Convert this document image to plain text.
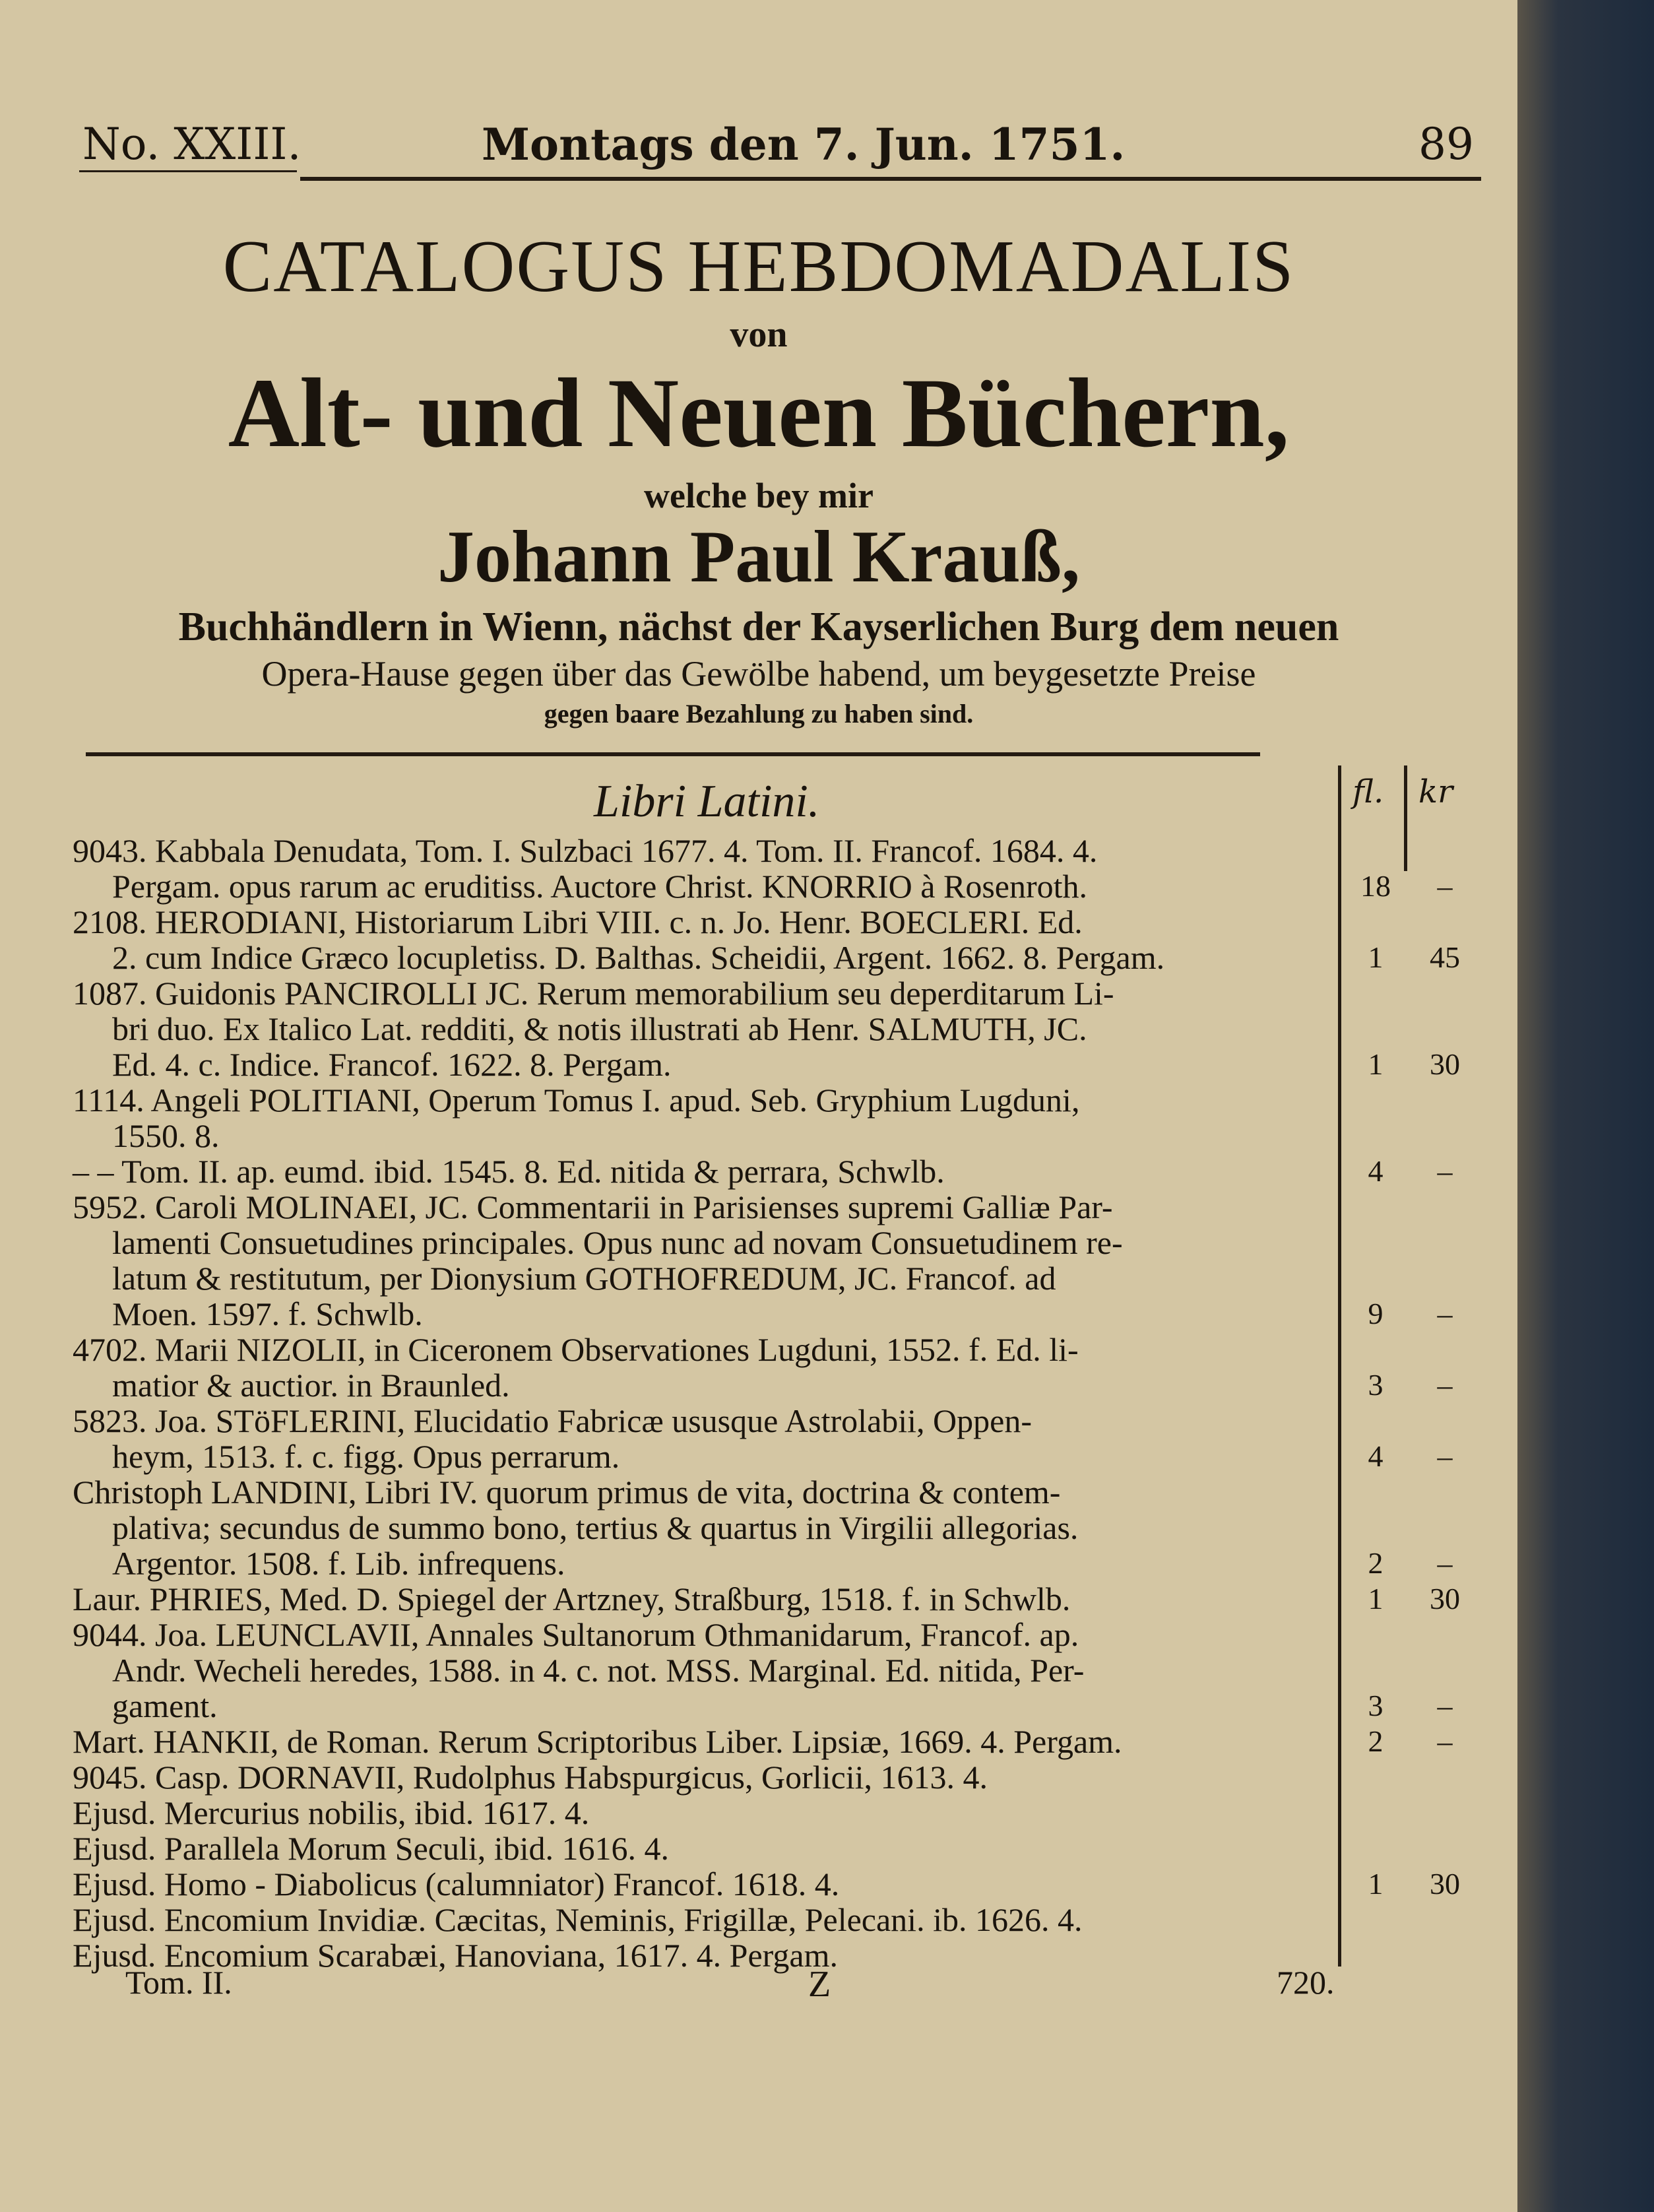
No. XXIII.	Montags den 7. Jun. 1751.	89
CATALOGUS HEBDOMADALIS
von
Alt- und Neuen Büchern,
welche bey mir
Johann Paul Krauß,
Buchhändlern in Wienn, nächst der Kayserlichen Burg dem neuen
Opera-Hause gegen über das Gewölbe habend, um beygesetzte Preise
gegen baare Bezahlung zu haben sind.
Libri Latini.	fl. kr
9043. Kabbala Denudata, Tom. I. Sulzbaci 1677. 4. Tom. II. Francof. 1684. 4.
Pergam. opus rarum ac eruditiss. Auctore Christ. KNORRIO à Rosenroth.	18	–
2108. HERODIANI, Historiarum Libri VIII. c. n. Jo. Henr. BOECLERI. Ed.
2. cum Indice Græco locupletiss. D. Balthas. Scheidii, Argent. 1662. 8. Pergam.	1	45
1087. Guidonis PANCIROLLI JC. Rerum memorabilium seu deperditarum Li-
bri duo. Ex Italico Lat. redditi, & notis illustrati ab Henr. SALMUTH, JC.
Ed. 4. c. Indice. Francof. 1622. 8. Pergam.	1	30
1114. Angeli POLITIANI, Operum Tomus I. apud. Seb. Gryphium Lugduni,
1550. 8.
– – Tom. II. ap. eumd. ibid. 1545. 8. Ed. nitida & perrara, Schwlb.	4	–
5952. Caroli MOLINAEI, JC. Commentarii in Parisienses supremi Galliæ Par-
lamenti Consuetudines principales. Opus nunc ad novam Consuetudinem re-
latum & restitutum, per Dionysium GOTHOFREDUM, JC. Francof. ad
Moen. 1597. f. Schwlb.	9	–
4702. Marii NIZOLII, in Ciceronem Observationes Lugduni, 1552. f. Ed. li-
matior & auctior. in Braunled.	3	–
5823. Joa. STöFLERINI, Elucidatio Fabricæ ususque Astrolabii, Oppen-
heym, 1513. f. c. figg. Opus perrarum.	4	–
Christoph LANDINI, Libri IV. quorum primus de vita, doctrina & contem-
plativa; secundus de summo bono, tertius & quartus in Virgilii allegorias.
Argentor. 1508. f. Lib. infrequens.	2	–
Laur. PHRIES, Med. D. Spiegel der Artzney, Straßburg, 1518. f. in Schwlb.	1	30
9044. Joa. LEUNCLAVII, Annales Sultanorum Othmanidarum, Francof. ap.
Andr. Wecheli heredes, 1588. in 4. c. not. MSS. Marginal. Ed. nitida, Per-
gament.	3	–
Mart. HANKII, de Roman. Rerum Scriptoribus Liber. Lipsiæ, 1669. 4. Pergam.	2	–
9045. Casp. DORNAVII, Rudolphus Habspurgicus, Gorlicii, 1613. 4.
Ejusd. Mercurius nobilis, ibid. 1617. 4.
Ejusd. Parallela Morum Seculi, ibid. 1616. 4.
Ejusd. Homo - Diabolicus (calumniator) Francof. 1618. 4.	1	30
Ejusd. Encomium Invidiæ. Cæcitas, Neminis, Frigillæ, Pelecani. ib. 1626. 4.
Ejusd. Encomium Scarabæi, Hanoviana, 1617. 4. Pergam.
Tom. II.	Z	720.
